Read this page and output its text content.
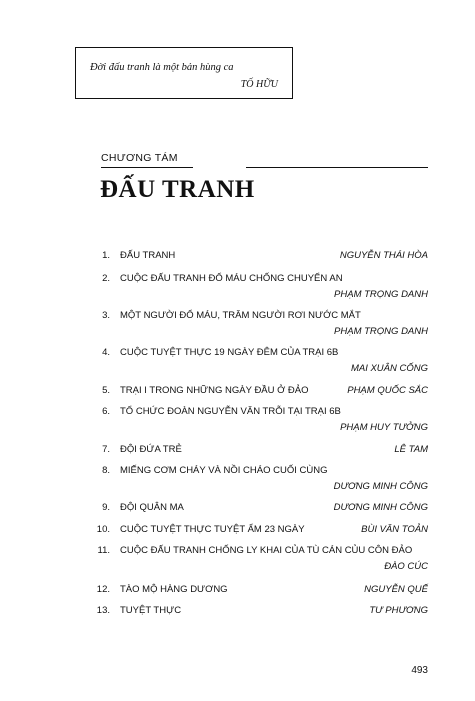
Đời đấu tranh là một bản hùng ca
TỐ HỮU
CHƯƠNG TÁM
ĐẤU TRANH
1. ĐẤU TRANH	NGUYỄN THÁI HÒA
2. CUỘC ĐẤU TRANH ĐỔ MÁU CHỐNG CHUYỂN AN
PHẠM TRỌNG DANH
3. MỘT NGƯỜI ĐỔ MÁU, TRĂM NGƯỜI RƠI NƯỚC MẮT
PHẠM TRỌNG DANH
4. CUỘC TUYỆT THỰC 19 NGÀY ĐÊM CỦA TRẠI 6B
MAI XUÂN CỐNG
5. TRẠI I TRONG NHỮNG NGÀY ĐẦU Ở ĐẢO	PHẠM QUỐC SẮC
6. TỔ CHỨC ĐOÀN NGUYỄN VĂN TRỖI TẠI TRẠI 6B
PHẠM HUY TƯỞNG
7. ĐỘI ĐỨA TRẺ	LÊ TAM
8. MIẾNG CƠM CHÁY VÀ NỒI CHÁO CUỐI CÙNG
DƯƠNG MINH CÔNG
9. ĐỘI QUÂN MA	DƯƠNG MINH CÔNG
10. CUỘC TUYỆT THỰC TUYỆT ẨM 23 NGÀY	BÙI VĂN TOẢN
11. CUỘC ĐẤU TRANH CHỐNG LY KHAI CỦA TÙ CÁN CỦU CÔN ĐẢO
ĐÀO CÚC
12. TÀO MỘ HÀNG DƯƠNG	NGUYỄN QUẾ
13. TUYỆT THỰC	TƯ PHƯƠNG
493
